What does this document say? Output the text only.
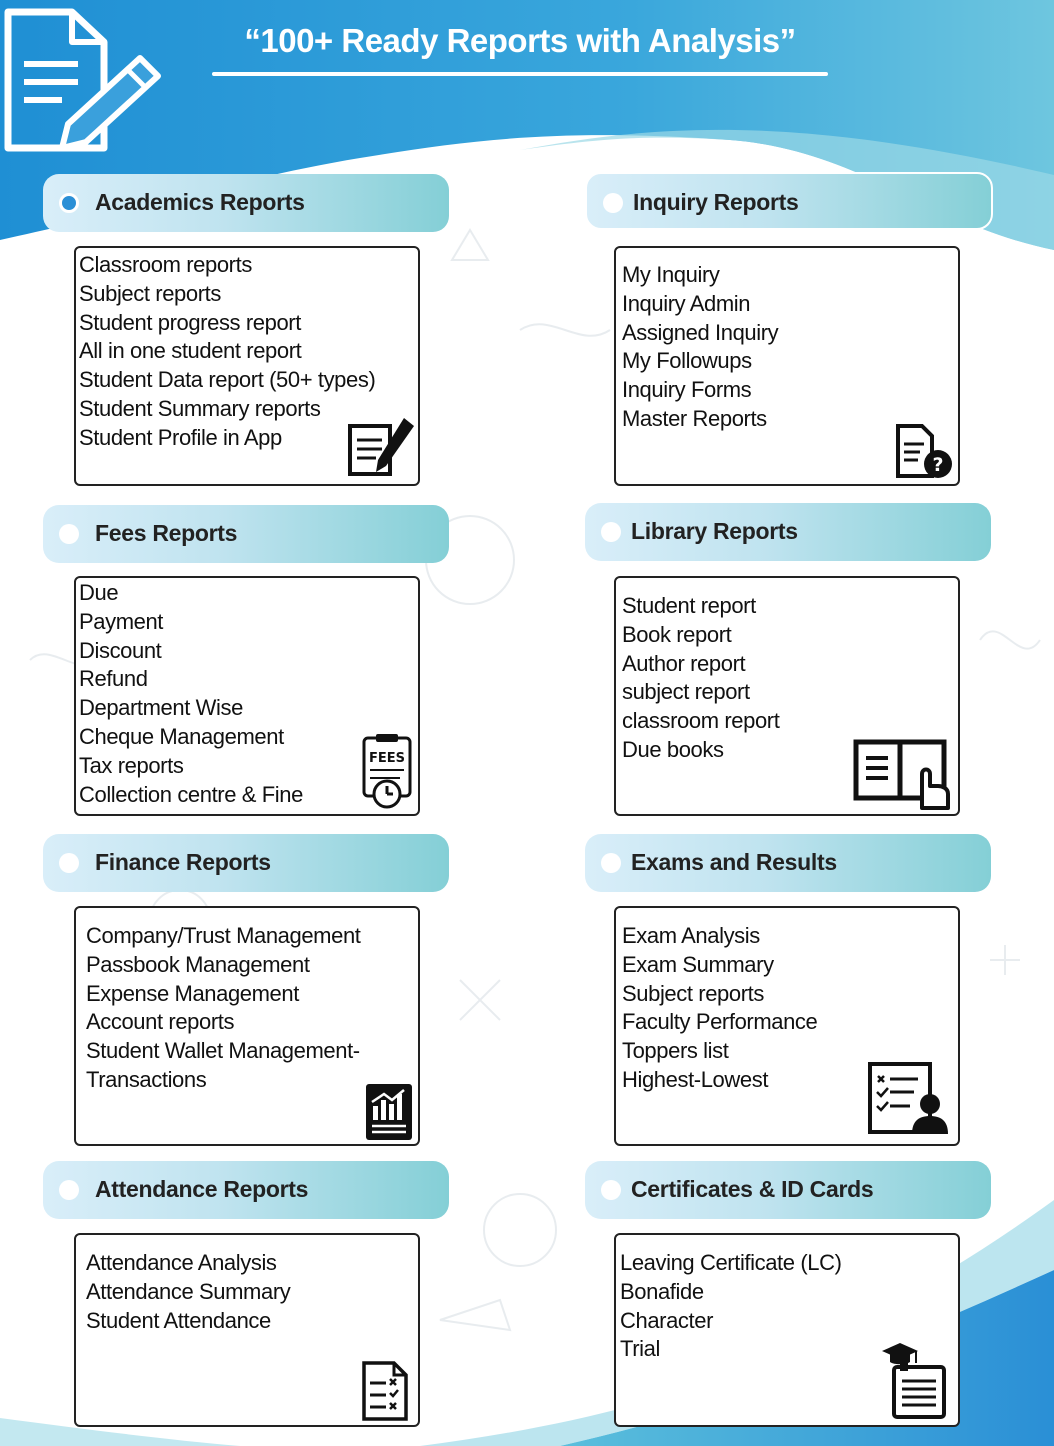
“100+ Ready Reports with Analysis”
Academics Reports
Classroom reports
Subject reports
Student progress report
All in one student report
Student Data report (50+ types)
Student Summary reports
Student Profile in App
Inquiry Reports
My Inquiry
Inquiry Admin
Assigned Inquiry
My Followups
Inquiry Forms
Master Reports
?
Fees Reports
Due
Payment
Discount
Refund
Department Wise
Cheque Management
Tax reports
Collection centre & Fine
FEES
Library Reports
Student report
Book report
Author report
subject report
classroom report
Due books
Finance Reports
Company/Trust Management
Passbook Management
Expense Management
Account reports
Student Wallet Management-
Transactions
Exams and Results
Exam Analysis
Exam Summary
Subject reports
Faculty Performance
Toppers list
Highest-Lowest
Attendance Reports
Attendance Analysis
Attendance Summary
Student Attendance
Certificates & ID Cards
Leaving Certificate (LC)
Bonafide
Character
Trial
